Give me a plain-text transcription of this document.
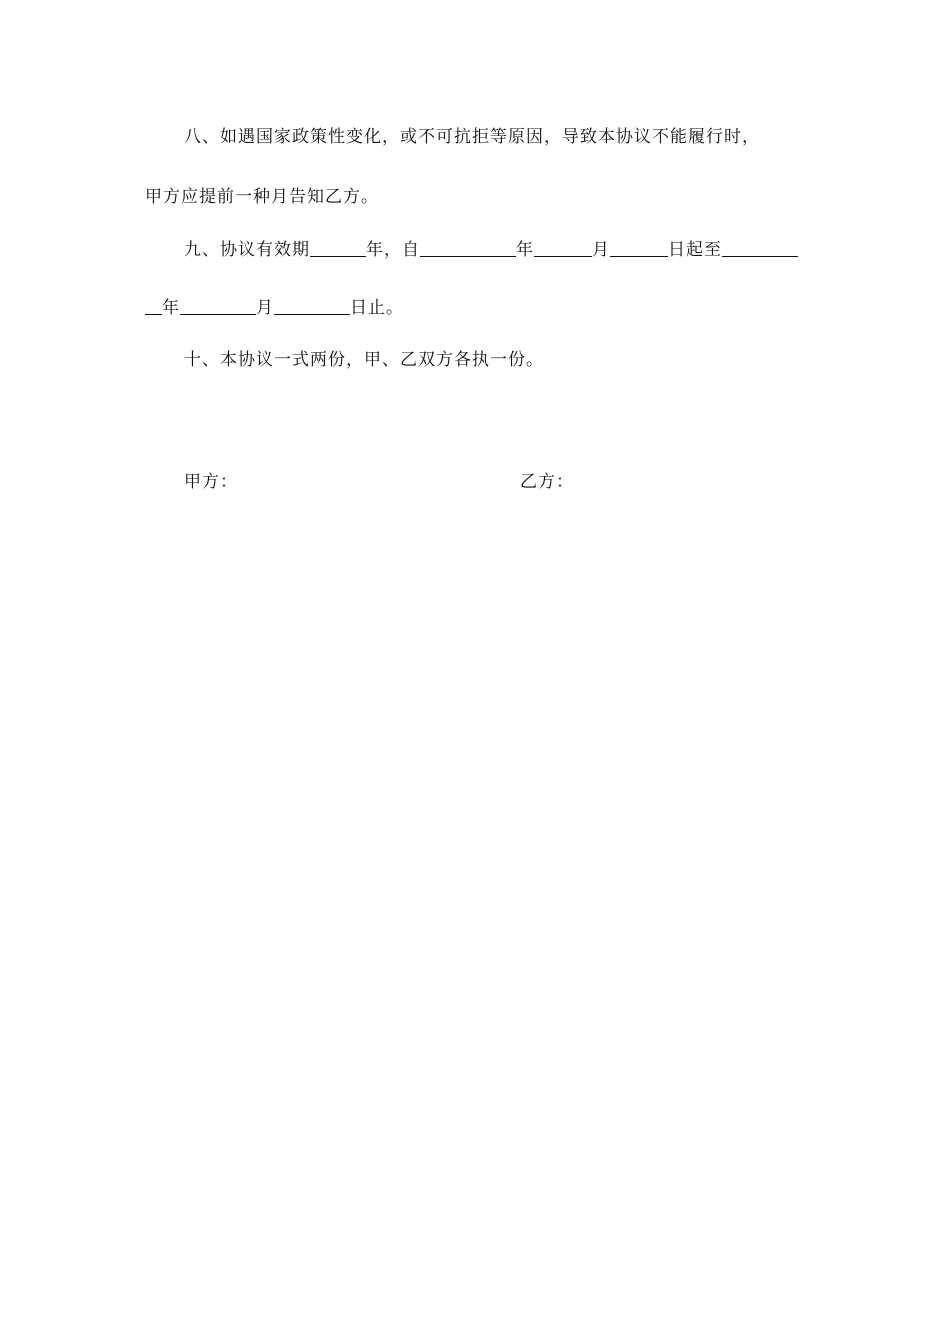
八、如遇国家政策性变化，或不可抗拒等原因，导致本协议不能履行时，
甲方应提前一种月告知乙方。
九、协议有效期	年，自	年	月	日起至
年	月	日止。
十、本协议一式两份，甲、乙双方各执一份。
甲方：	乙方：
